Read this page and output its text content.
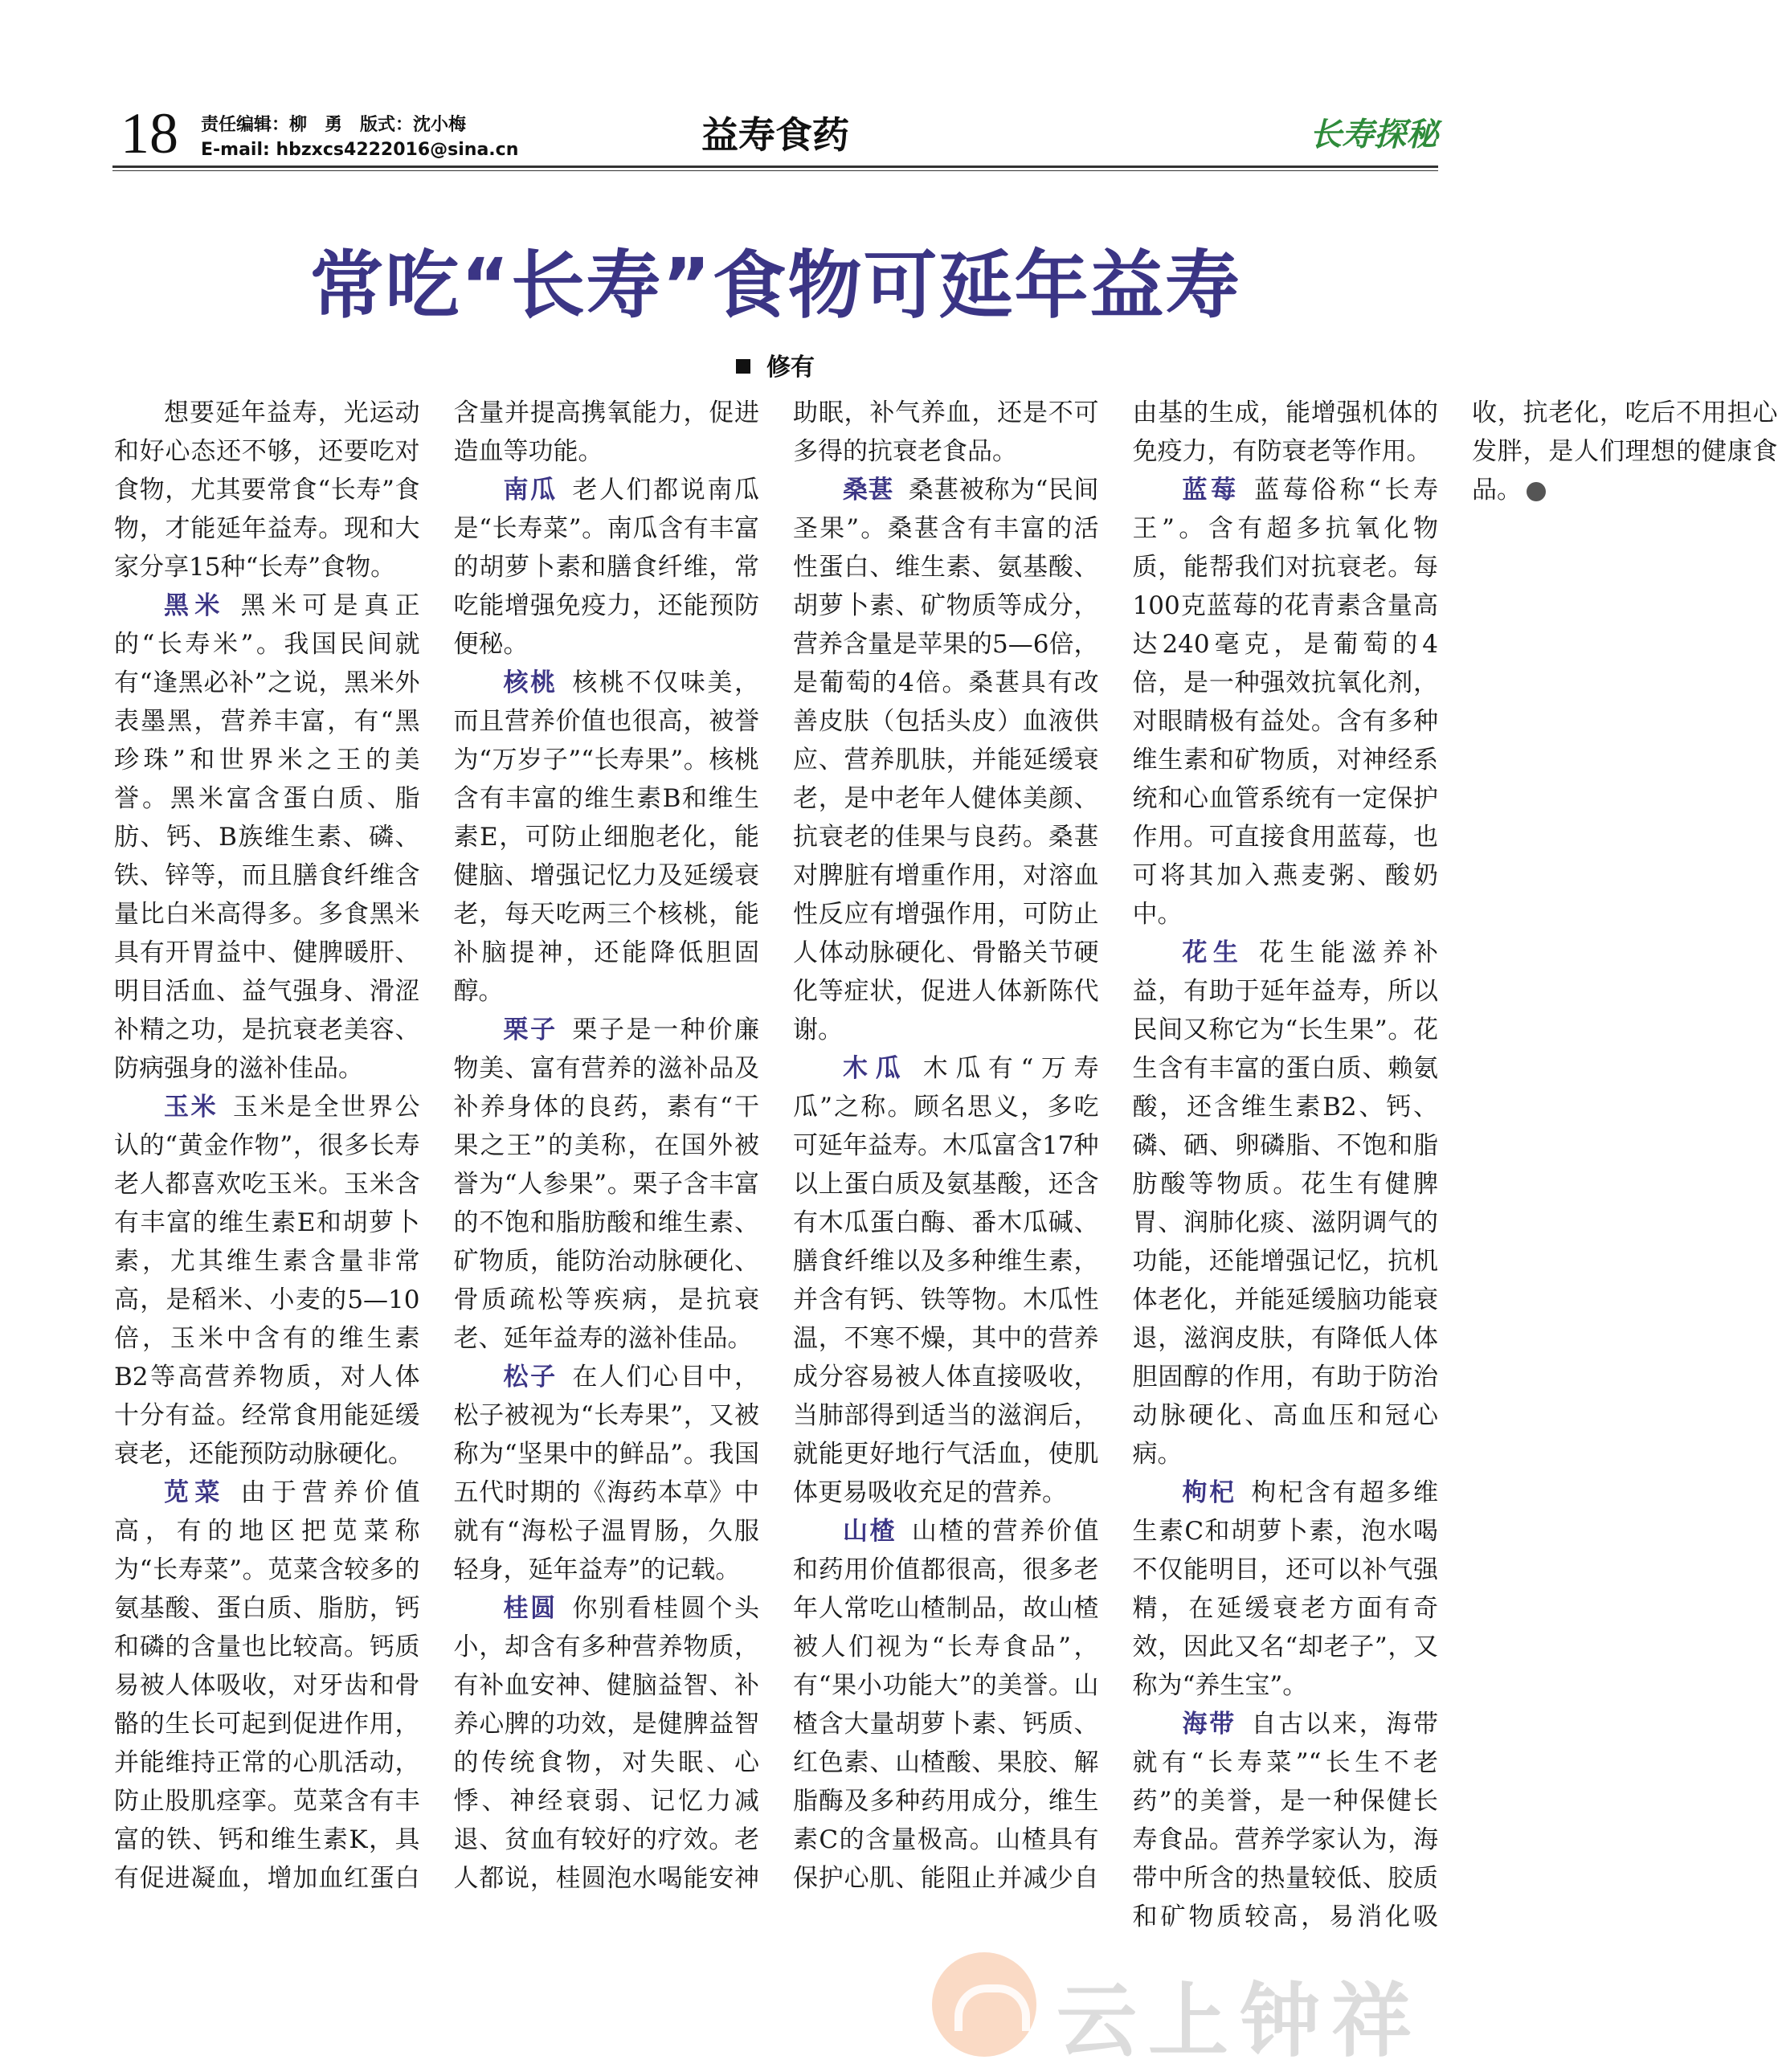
益寿食药
18 责任编辑：柳　勇　版式：沈小梅
E-mail: hbzxcs4222016@sina.cn	长寿探秘
常吃“长寿”食物可延年益寿
修有

想要延年益寿，光运动和好心态还不够，还要吃对食物，尤其要常食“长寿”食物，才能延年益寿。现和大家分享15种“长寿”食物。

黑米 黑米可是真正的“长寿米”。我国民间就有“逢黑必补”之说，黑米外表墨黑，营养丰富，有“黑珍珠”和世界米之王的美誉。黑米富含蛋白质、脂肪、钙、B族维生素、磷、铁、锌等，而且膳食纤维含量比白米高得多。多食黑米具有开胃益中、健脾暖肝、明目活血、益气强身、滑涩补精之功，是抗衰老美容、防病强身的滋补佳品。

玉米 玉米是全世界公认的“黄金作物”，很多长寿老人都喜欢吃玉米。玉米含有丰富的维生素E和胡萝卜素，尤其维生素含量非常高，是稻米、小麦的5—10倍，玉米中含有的维生素B2等高营养物质，对人体十分有益。经常食用能延缓衰老，还能预防动脉硬化。

苋菜 由于营养价值高，有的地区把苋菜称为“长寿菜”。苋菜含较多的氨基酸、蛋白质、脂肪，钙和磷的含量也比较高。钙质易被人体吸收，对牙齿和骨骼的生长可起到促进作用，并能维持正常的心肌活动，防止股肌痉挛。苋菜含有丰富的铁、钙和维生素K，具有促进凝血，增加血红蛋白含量并提高携氧能力，促进造血等功能。

南瓜 老人们都说南瓜是“长寿菜”。南瓜含有丰富的胡萝卜素和膳食纤维，常吃能增强免疫力，还能预防便秘。

核桃 核桃不仅味美，而且营养价值也很高，被誉为“万岁子”“长寿果”。核桃含有丰富的维生素B和维生素E，可防止细胞老化，能健脑、增强记忆力及延缓衰老，每天吃两三个核桃，能补脑提神，还能降低胆固醇。

栗子 栗子是一种价廉物美、富有营养的滋补品及补养身体的良药，素有“干果之王”的美称，在国外被誉为“人参果”。栗子含丰富的不饱和脂肪酸和维生素、矿物质，能防治动脉硬化、骨质疏松等疾病，是抗衰老、延年益寿的滋补佳品。

松子 在人们心目中，松子被视为“长寿果”，又被称为“坚果中的鲜品”。我国五代时期的《海药本草》中就有“海松子温胃肠，久服轻身，延年益寿”的记载。

桂圆 你别看桂圆个头小，却含有多种营养物质，有补血安神、健脑益智、补养心脾的功效，是健脾益智的传统食物，对失眠、心悸、神经衰弱、记忆力减退、贫血有较好的疗效。老人都说，桂圆泡水喝能安神助眠，补气养血，还是不可多得的抗衰老食品。

桑葚 桑葚被称为“民间圣果”。桑葚含有丰富的活性蛋白、维生素、氨基酸、胡萝卜素、矿物质等成分，营养含量是苹果的5—6倍，是葡萄的4倍。桑葚具有改善皮肤（包括头皮）血液供应、营养肌肤，并能延缓衰老，是中老年人健体美颜、抗衰老的佳果与良药。桑葚对脾脏有增重作用，对溶血性反应有增强作用，可防止人体动脉硬化、骨骼关节硬化等症状，促进人体新陈代谢。

木瓜 木瓜有“万寿瓜”之称。顾名思义，多吃可延年益寿。木瓜富含17种以上蛋白质及氨基酸，还含有木瓜蛋白酶、番木瓜碱、膳食纤维以及多种维生素，并含有钙、铁等物。木瓜性温，不寒不燥，其中的营养成分容易被人体直接吸收，当肺部得到适当的滋润后，就能更好地行气活血，使肌体更易吸收充足的营养。

山楂 山楂的营养价值和药用价值都很高，很多老年人常吃山楂制品，故山楂被人们视为“长寿食品”，有“果小功能大”的美誉。山楂含大量胡萝卜素、钙质、红色素、山楂酸、果胶、解脂酶及多种药用成分，维生素C的含量极高。山楂具有保护心肌、能阻止并减少自由基的生成，能增强机体的免疫力，有防衰老等作用。

蓝莓 蓝莓俗称“长寿王”。含有超多抗氧化物质，能帮我们对抗衰老。每100克蓝莓的花青素含量高达240毫克，是葡萄的4倍，是一种强效抗氧化剂，对眼睛极有益处。含有多种维生素和矿物质，对神经系统和心血管系统有一定保护作用。可直接食用蓝莓，也可将其加入燕麦粥、酸奶中。

花生 花生能滋养补益，有助于延年益寿，所以民间又称它为“长生果”。花生含有丰富的蛋白质、赖氨酸，还含维生素B2、钙、磷、硒、卵磷脂、不饱和脂肪酸等物质。花生有健脾胃、润肺化痰、滋阴调气的功能，还能增强记忆，抗机体老化，并能延缓脑功能衰退，滋润皮肤，有降低人体胆固醇的作用，有助于防治动脉硬化、高血压和冠心病。

枸杞 枸杞含有超多维生素C和胡萝卜素，泡水喝不仅能明目，还可以补气强精，在延缓衰老方面有奇效，因此又名“却老子”，又称为“养生宝”。

海带 自古以来，海带就有“长寿菜”“长生不老药”的美誉，是一种保健长寿食品。营养学家认为，海带中所含的热量较低、胶质和矿物质较高，易消化吸收，抗老化，吃后不用担心发胖，是人们理想的健康食品。	●

云上钟祥
